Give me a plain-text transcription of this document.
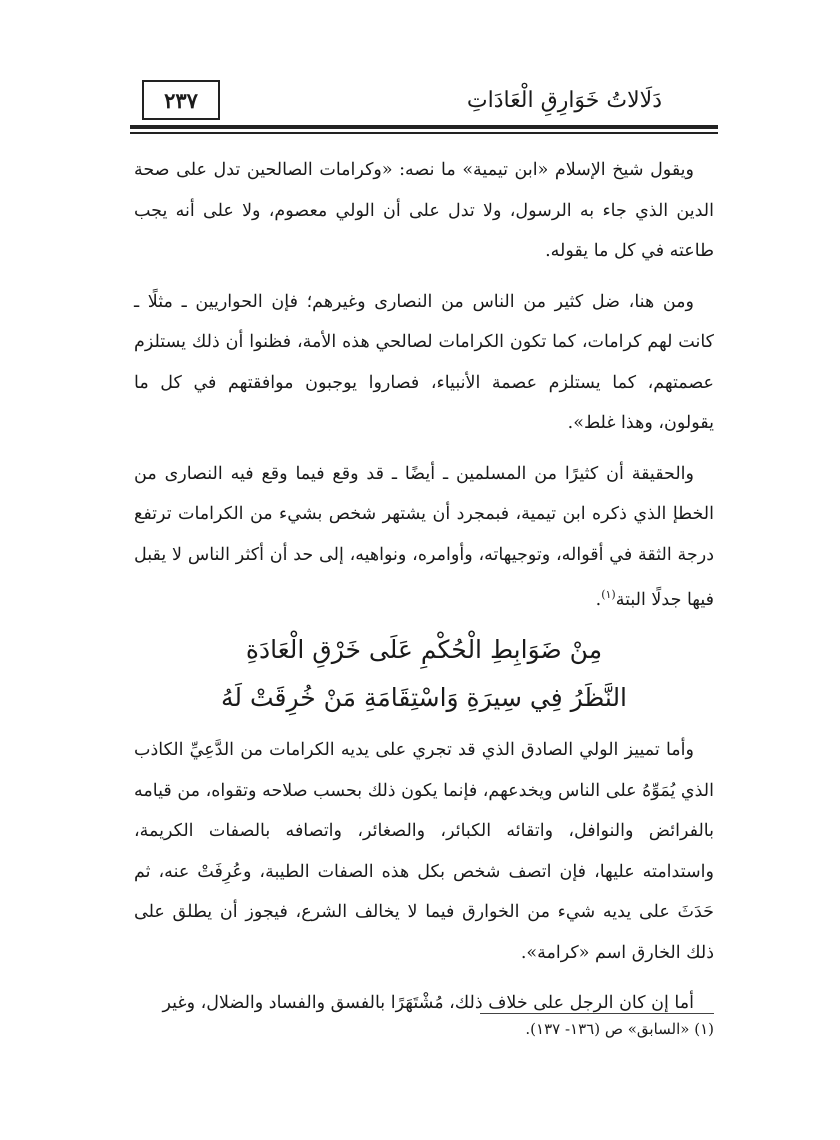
دَلَالاتُ خَوَارِقِ الْعَادَاتِ
٢٣٧

ويقول شيخ الإسلام «ابن تيمية» ما نصه: «وكرامات الصالحين تدل على صحة الدين الذي جاء به الرسول، ولا تدل على أن الولي معصوم، ولا على أنه يجب طاعته في كل ما يقوله.

ومن هنا، ضل كثير من الناس من النصارى وغيرهم؛ فإن الحواريين ـ مثلًا ـ كانت لهم كرامات، كما تكون الكرامات لصالحي هذه الأمة، فظنوا أن ذلك يستلزم عصمتهم، كما يستلزم عصمة الأنبياء، فصاروا يوجبون موافقتهم في كل ما يقولون، وهذا غلط».

والحقيقة أن كثيرًا من المسلمين ـ أيضًا ـ قد وقع فيما وقع فيه النصارى من الخطإ الذي ذكره ابن تيمية، فبمجرد أن يشتهر شخص بشيء من الكرامات ترتفع درجة الثقة في أقواله، وتوجيهاته، وأوامره، ونواهيه، إلى حد أن أكثر الناس لا يقبل فيها جدلًا البتة$^{(١)}$.

مِنْ ضَوَابِطِ الْحُكْمِ عَلَى خَرْقِ الْعَادَةِ
النَّظَرُ فِي سِيرَةِ وَاسْتِقَامَةِ مَنْ خُرِقَتْ لَهُ

وأما تمييز الولي الصادق الذي قد تجري على يديه الكرامات من الدَّعِيِّ الكاذب الذي يُمَوِّهُ على الناس ويخدعهم، فإنما يكون ذلك بحسب صلاحه وتقواه، من قيامه بالفرائض والنوافل، واتقائه الكبائر، والصغائر، واتصافه بالصفات الكريمة، واستدامته عليها، فإن اتصف شخص بكل هذه الصفات الطيبة، وعُرِفَتْ عنه، ثم حَدَثَ على يديه شيء من الخوارق فيما لا يخالف الشرع، فيجوز أن يطلق على ذلك الخارق اسم «كرامة».

أما إن كان الرجل على خلاف ذلك، مُشْتَهَرًا بالفسق والفساد والضلال، وغير

(١) «السابق» ص (١٣٦- ١٣٧).
